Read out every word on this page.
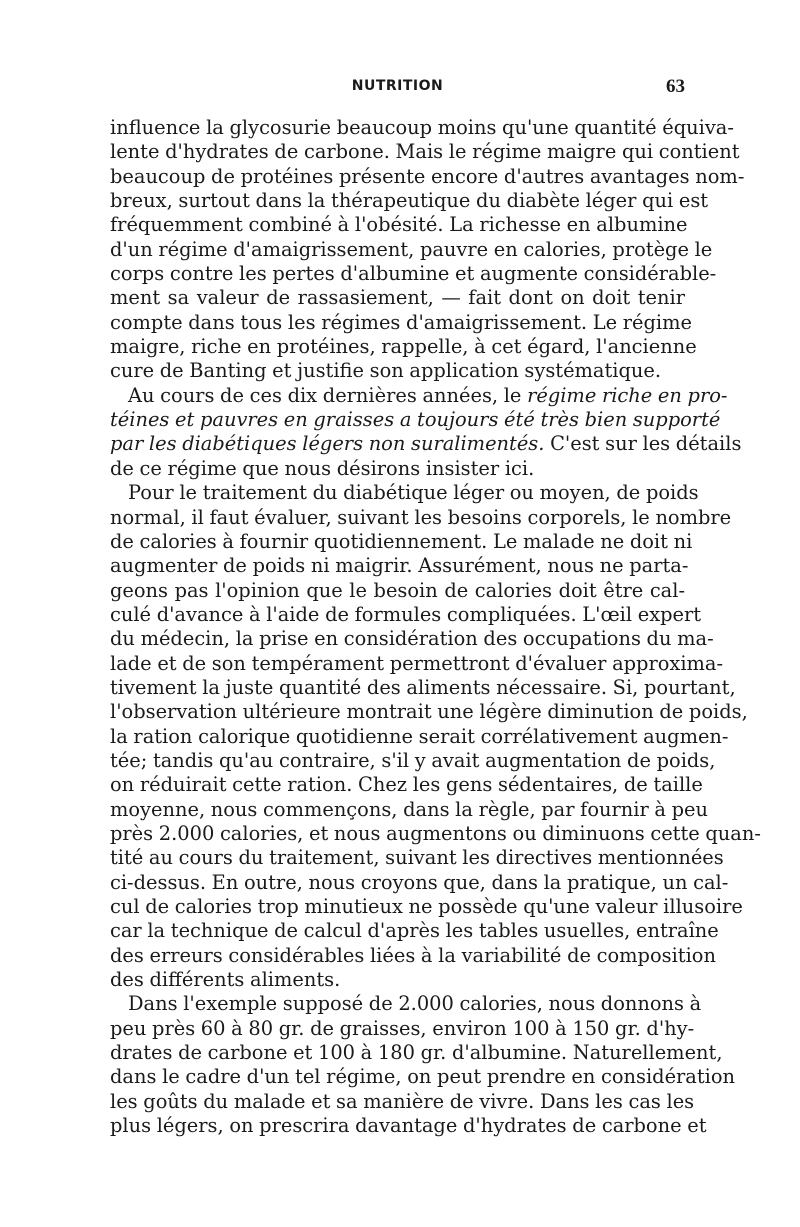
NUTRITION	63
influence la glycosurie beaucoup moins qu'une quantité équiva-
lente d'hydrates de carbone. Mais le régime maigre qui contient
beaucoup de protéines présente encore d'autres avantages nom-
breux, surtout dans la thérapeutique du diabète léger qui est
fréquemment combiné à l'obésité. La richesse en albumine
d'un régime d'amaigrissement, pauvre en calories, protège le
corps contre les pertes d'albumine et augmente considérable-
ment sa valeur de rassasiement, — fait dont on doit tenir
compte dans tous les régimes d'amaigrissement. Le régime
maigre, riche en protéines, rappelle, à cet égard, l'ancienne
cure de Banting et justifie son application systématique.
Au cours de ces dix dernières années, le régime riche en pro-
téines et pauvres en graisses a toujours été très bien supporté
par les diabétiques légers non suralimentés. C'est sur les détails
de ce régime que nous désirons insister ici.
Pour le traitement du diabétique léger ou moyen, de poids
normal, il faut évaluer, suivant les besoins corporels, le nombre
de calories à fournir quotidiennement. Le malade ne doit ni
augmenter de poids ni maigrir. Assurément, nous ne parta-
geons pas l'opinion que le besoin de calories doit être cal-
culé d'avance à l'aide de formules compliquées. L'œil expert
du médecin, la prise en considération des occupations du ma-
lade et de son tempérament permettront d'évaluer approxima-
tivement la juste quantité des aliments nécessaire. Si, pourtant,
l'observation ultérieure montrait une légère diminution de poids,
la ration calorique quotidienne serait corrélativement augmen-
tée; tandis qu'au contraire, s'il y avait augmentation de poids,
on réduirait cette ration. Chez les gens sédentaires, de taille
moyenne, nous commençons, dans la règle, par fournir à peu
près 2.000 calories, et nous augmentons ou diminuons cette quan-
tité au cours du traitement, suivant les directives mentionnées
ci-dessus. En outre, nous croyons que, dans la pratique, un cal-
cul de calories trop minutieux ne possède qu'une valeur illusoire
car la technique de calcul d'après les tables usuelles, entraîne
des erreurs considérables liées à la variabilité de composition
des différents aliments.
Dans l'exemple supposé de 2.000 calories, nous donnons à
peu près 60 à 80 gr. de graisses, environ 100 à 150 gr. d'hy-
drates de carbone et 100 à 180 gr. d'albumine. Naturellement,
dans le cadre d'un tel régime, on peut prendre en considération
les goûts du malade et sa manière de vivre. Dans les cas les
plus légers, on prescrira davantage d'hydrates de carbone et
